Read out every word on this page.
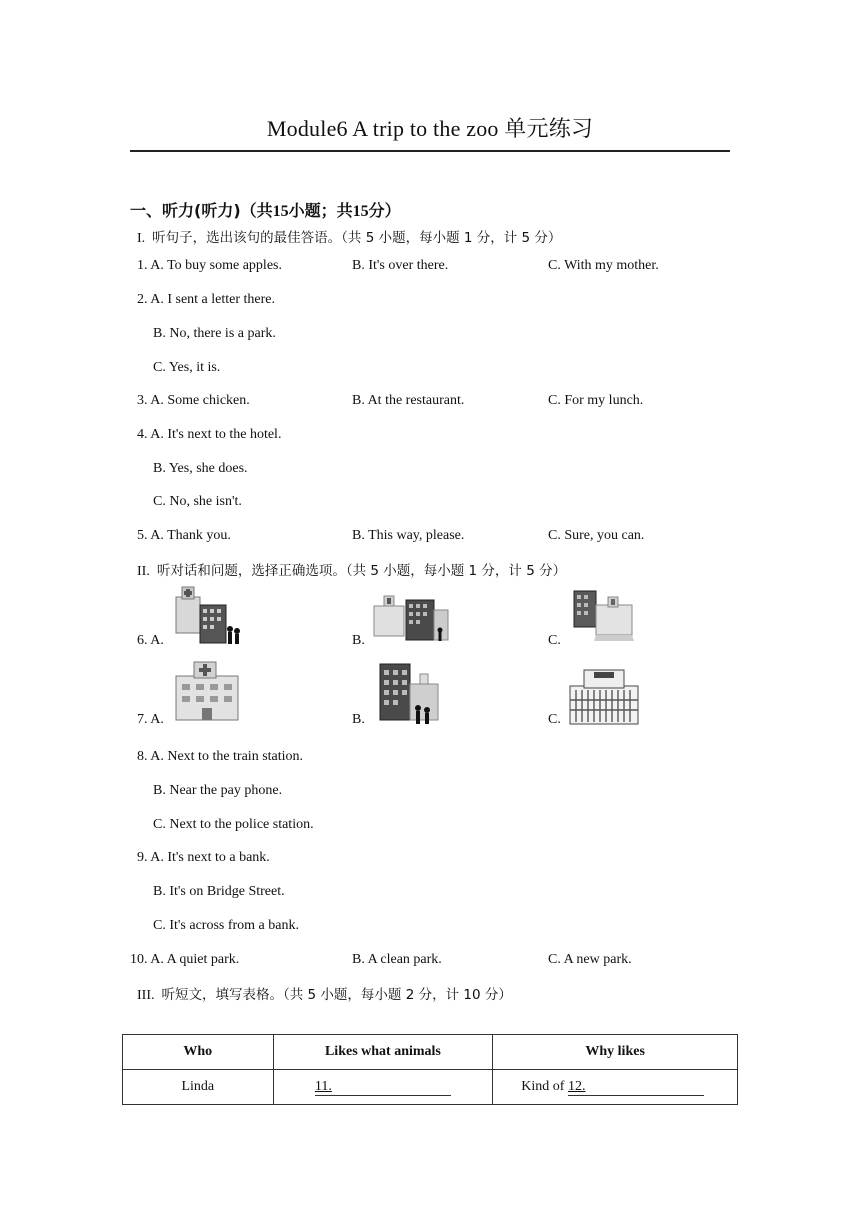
Module6 A trip to the zoo 单元练习
一、听力(听力)（共15小题；共15分）
I. 听句子，选出该句的最佳答语。（共 5 小题，每小题 1 分，计 5 分）
1. A. To buy some apples.	B. It's over there.	C. With my mother.
2. A. I sent a letter there.
B. No, there is a park.
C. Yes, it is.
3. A. Some chicken.	B. At the restaurant.	C. For my lunch.
4. A. It's next to the hotel.
B. Yes, she does.
C. No, she isn't.
5. A. Thank you.	B. This way, please.	C. Sure, you can.
II. 听对话和问题，选择正确选项。（共 5 小题，每小题 1 分，计 5 分）
6. A.	B.	C.
7. A.	B.	C.
8. A. Next to the train station.
B. Near the pay phone.
C. Next to the police station.
9. A. It's next to a bank.
B. It's on Bridge Street.
C. It's across from a bank.
10. A. A quiet park.	B. A clean park.	C. A new park.
III. 听短文，填写表格。（共 5 小题，每小题 2 分，计 10 分）
Who	Likes what animals	Why likes
Linda	11.	Kind of 12.
